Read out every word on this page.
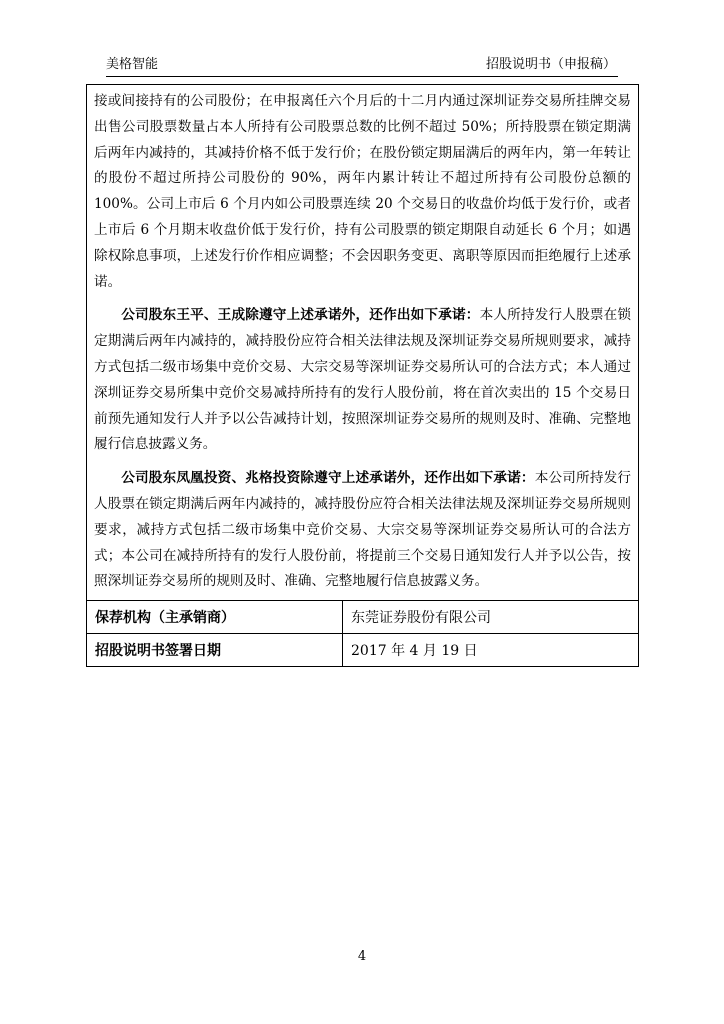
美格智能	招股说明书（申报稿）

接或间接持有的公司股份；在申报离任六个月后的十二月内通过深圳证券交易所挂牌交易出售公司股票数量占本人所持有公司股票总数的比例不超过 50%；所持股票在锁定期满后两年内减持的，其减持价格不低于发行价；在股份锁定期届满后的两年内，第一年转让的股份不超过所持公司股份的 90%，两年内累计转让不超过所持有公司股份总额的 100%。公司上市后 6 个月内如公司股票连续 20 个交易日的收盘价均低于发行价，或者上市后 6 个月期末收盘价低于发行价，持有公司股票的锁定期限自动延长 6 个月；如遇除权除息事项，上述发行价作相应调整；不会因职务变更、离职等原因而拒绝履行上述承诺。

公司股东王平、王成除遵守上述承诺外，还作出如下承诺：本人所持发行人股票在锁定期满后两年内减持的，减持股份应符合相关法律法规及深圳证券交易所规则要求，减持方式包括二级市场集中竞价交易、大宗交易等深圳证券交易所认可的合法方式；本人通过深圳证券交易所集中竞价交易减持所持有的发行人股份前，将在首次卖出的 15 个交易日前预先通知发行人并予以公告减持计划，按照深圳证券交易所的规则及时、准确、完整地履行信息披露义务。

公司股东凤凰投资、兆格投资除遵守上述承诺外，还作出如下承诺：本公司所持发行人股票在锁定期满后两年内减持的，减持股份应符合相关法律法规及深圳证券交易所规则要求，减持方式包括二级市场集中竞价交易、大宗交易等深圳证券交易所认可的合法方式；本公司在减持所持有的发行人股份前，将提前三个交易日通知发行人并予以公告，按照深圳证券交易所的规则及时、准确、完整地履行信息披露义务。	

保荐机构（主承销商）	东莞证券股份有限公司
招股说明书签署日期	2017 年 4 月 19 日
4
